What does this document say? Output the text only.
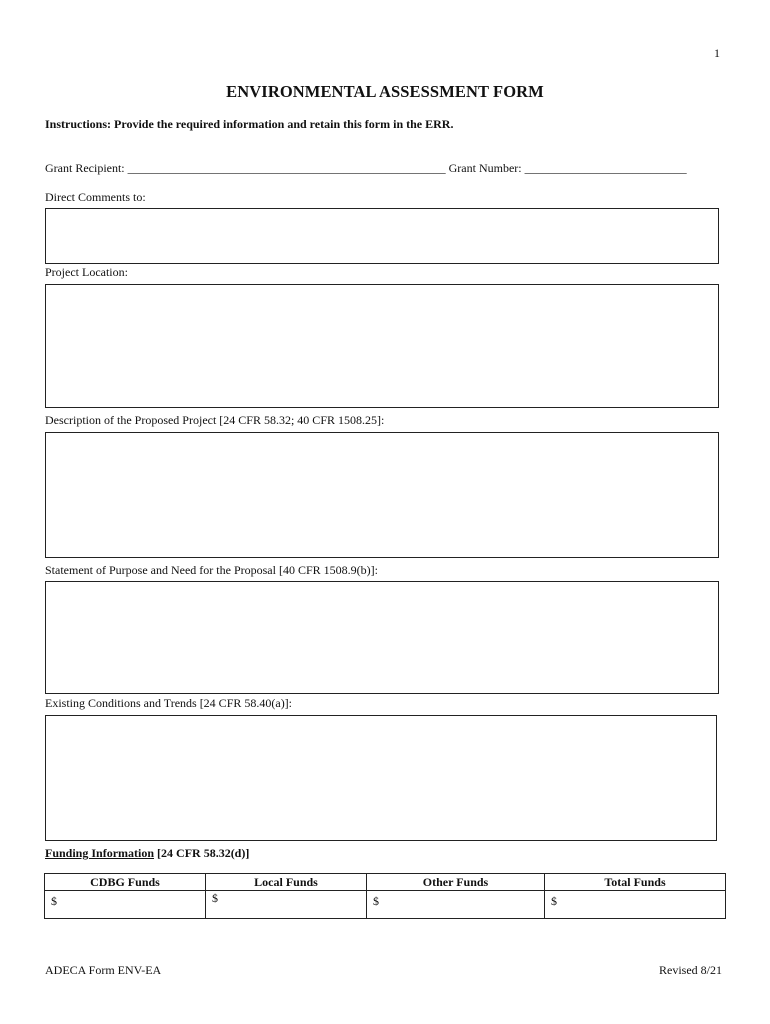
1
ENVIRONMENTAL ASSESSMENT FORM
Instructions: Provide the required information and retain this form in the ERR.
Grant Recipient: _____________________________________________________ Grant Number: ___________________________
Direct Comments to:
Project Location:
Description of the Proposed Project [24 CFR 58.32; 40 CFR 1508.25]:
Statement of Purpose and Need for the Proposal [40 CFR 1508.9(b)]:
Existing Conditions and Trends [24 CFR 58.40(a)]:
Funding Information [24 CFR 58.32(d)]
CDBG Funds	Local Funds	Other Funds	Total Funds
$	$	$	$
ADECA Form ENV-EA	Revised 8/21
